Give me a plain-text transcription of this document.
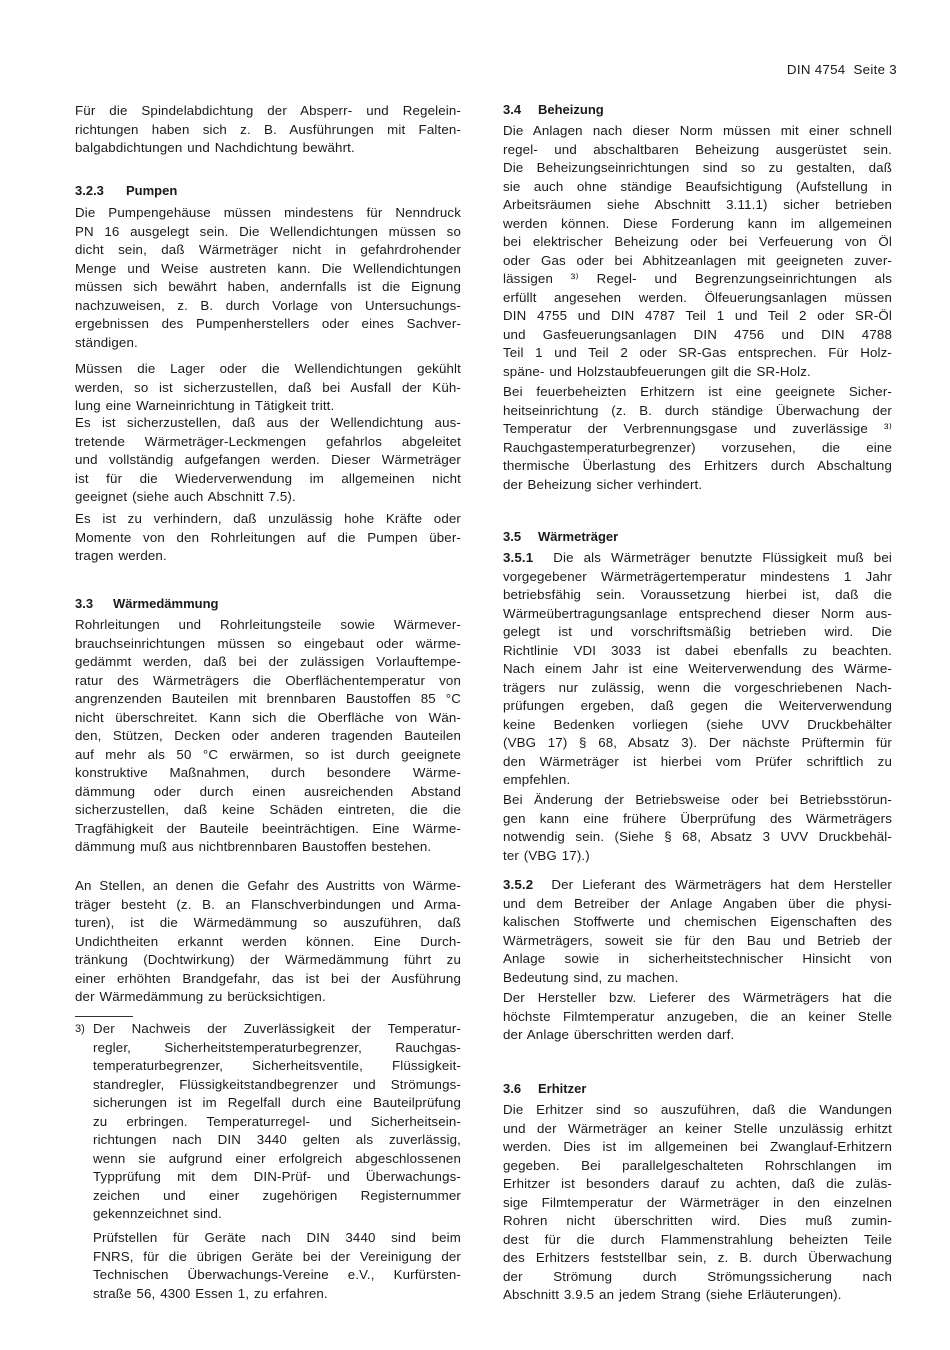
DIN 4754 Seite 3
Für die Spindelabdichtung der Absperr- und Regelein-
richtungen haben sich z. B. Ausführungen mit Falten-
balgabdichtungen und Nachdichtung bewährt.
3.2.3 Pumpen
Die Pumpengehäuse müssen mindestens für Nenndruck
PN 16 ausgelegt sein. Die Wellendichtungen müssen so
dicht sein, daß Wärmeträger nicht in gefahrdrohender
Menge und Weise austreten kann. Die Wellendichtungen
müssen sich bewährt haben, andernfalls ist die Eignung
nachzuweisen, z. B. durch Vorlage von Untersuchungs-
ergebnissen des Pumpenherstellers oder eines Sachver-
ständigen.
Müssen die Lager oder die Wellendichtungen gekühlt
werden, so ist sicherzustellen, daß bei Ausfall der Küh-
lung eine Warneinrichtung in Tätigkeit tritt.
Es ist sicherzustellen, daß aus der Wellendichtung aus-
tretende Wärmeträger-Leckmengen gefahrlos abgeleitet
und vollständig aufgefangen werden. Dieser Wärmeträger
ist für die Wiederverwendung im allgemeinen nicht
geeignet (siehe auch Abschnitt 7.5).
Es ist zu verhindern, daß unzulässig hohe Kräfte oder
Momente von den Rohrleitungen auf die Pumpen über-
tragen werden.
3.3 Wärmedämmung
Rohrleitungen und Rohrleitungsteile sowie Wärmever-
brauchseinrichtungen müssen so eingebaut oder wärme-
gedämmt werden, daß bei der zulässigen Vorlauftempe-
ratur des Wärmeträgers die Oberflächentemperatur von
angrenzenden Bauteilen mit brennbaren Baustoffen 85 °C
nicht überschreitet. Kann sich die Oberfläche von Wän-
den, Stützen, Decken oder anderen tragenden Bauteilen
auf mehr als 50 °C erwärmen, so ist durch geeignete
konstruktive Maßnahmen, durch besondere Wärme-
dämmung oder durch einen ausreichenden Abstand
sicherzustellen, daß keine Schäden eintreten, die die
Tragfähigkeit der Bauteile beeinträchtigen. Eine Wärme-
dämmung muß aus nichtbrennbaren Baustoffen bestehen.
An Stellen, an denen die Gefahr des Austritts von Wärme-
träger besteht (z. B. an Flanschverbindungen und Arma-
turen), ist die Wärmedämmung so auszuführen, daß
Undichtheiten erkannt werden können. Eine Durch-
tränkung (Dochtwirkung) der Wärmedämmung führt zu
einer erhöhten Brandgefahr, das ist bei der Ausführung
der Wärmedämmung zu berücksichtigen.
3) Der Nachweis der Zuverlässigkeit der Temperatur-
regler, Sicherheitstemperaturbegrenzer, Rauchgas-
temperaturbegrenzer, Sicherheitsventile, Flüssigkeit-
standregler, Flüssigkeitstandbegrenzer und Strömungs-
sicherungen ist im Regelfall durch eine Bauteilprüfung
zu erbringen. Temperaturregel- und Sicherheitsein-
richtungen nach DIN 3440 gelten als zuverlässig,
wenn sie aufgrund einer erfolgreich abgeschlossenen
Typprüfung mit dem DIN-Prüf- und Überwachungs-
zeichen und einer zugehörigen Registernummer
gekennzeichnet sind.
Prüfstellen für Geräte nach DIN 3440 sind beim
FNRS, für die übrigen Geräte bei der Vereinigung der
Technischen Überwachungs-Vereine e.V., Kurfürsten-
straße 56, 4300 Essen 1, zu erfahren.
3.4 Beheizung
Die Anlagen nach dieser Norm müssen mit einer schnell
regel- und abschaltbaren Beheizung ausgerüstet sein.
Die Beheizungseinrichtungen sind so zu gestalten, daß
sie auch ohne ständige Beaufsichtigung (Aufstellung in
Arbeitsräumen siehe Abschnitt 3.11.1) sicher betrieben
werden können. Diese Forderung kann im allgemeinen
bei elektrischer Beheizung oder bei Verfeuerung von Öl
oder Gas oder bei Abhitzeanlagen mit geeigneten zuver-
lässigen ³⁾ Regel- und Begrenzungseinrichtungen als
erfüllt angesehen werden. Ölfeuerungsanlagen müssen
DIN 4755 und DIN 4787 Teil 1 und Teil 2 oder SR-Öl
und Gasfeuerungsanlagen DIN 4756 und DIN 4788
Teil 1 und Teil 2 oder SR-Gas entsprechen. Für Holz-
späne- und Holzstaubfeuerungen gilt die SR-Holz.
Bei feuerbeheizten Erhitzern ist eine geeignete Sicher-
heitseinrichtung (z. B. durch ständige Überwachung der
Temperatur der Verbrennungsgase und zuverlässige ³⁾
Rauchgastemperaturbegrenzer) vorzusehen, die eine
thermische Überlastung des Erhitzers durch Abschaltung
der Beheizung sicher verhindert.
3.5 Wärmeträger
3.5.1 Die als Wärmeträger benutzte Flüssigkeit muß bei
vorgegebener Wärmeträgertemperatur mindestens 1 Jahr
betriebsfähig sein. Voraussetzung hierbei ist, daß die
Wärmeübertragungsanlage entsprechend dieser Norm aus-
gelegt ist und vorschriftsmäßig betrieben wird. Die
Richtlinie VDI 3033 ist dabei ebenfalls zu beachten.
Nach einem Jahr ist eine Weiterverwendung des Wärme-
trägers nur zulässig, wenn die vorgeschriebenen Nach-
prüfungen ergeben, daß gegen die Weiterverwendung
keine Bedenken vorliegen (siehe UVV Druckbehälter
(VBG 17) § 68, Absatz 3). Der nächste Prüftermin für
den Wärmeträger ist hierbei vom Prüfer schriftlich zu
empfehlen.
Bei Änderung der Betriebsweise oder bei Betriebsstörun-
gen kann eine frühere Überprüfung des Wärmeträgers
notwendig sein. (Siehe § 68, Absatz 3 UVV Druckbehäl-
ter (VBG 17).)
3.5.2 Der Lieferant des Wärmeträgers hat dem Hersteller
und dem Betreiber der Anlage Angaben über die physi-
kalischen Stoffwerte und chemischen Eigenschaften des
Wärmeträgers, soweit sie für den Bau und Betrieb der
Anlage sowie in sicherheitstechnischer Hinsicht von
Bedeutung sind, zu machen.
Der Hersteller bzw. Lieferer des Wärmeträgers hat die
höchste Filmtemperatur anzugeben, die an keiner Stelle
der Anlage überschritten werden darf.
3.6 Erhitzer
Die Erhitzer sind so auszuführen, daß die Wandungen
und der Wärmeträger an keiner Stelle unzulässig erhitzt
werden. Dies ist im allgemeinen bei Zwanglauf-Erhitzern
gegeben. Bei parallelgeschalteten Rohrschlangen im
Erhitzer ist besonders darauf zu achten, daß die zuläs-
sige Filmtemperatur der Wärmeträger in den einzelnen
Rohren nicht überschritten wird. Dies muß zumin-
dest für die durch Flammenstrahlung beheizten Teile
des Erhitzers feststellbar sein, z. B. durch Überwachung
der Strömung durch Strömungssicherung nach
Abschnitt 3.9.5 an jedem Strang (siehe Erläuterungen).
